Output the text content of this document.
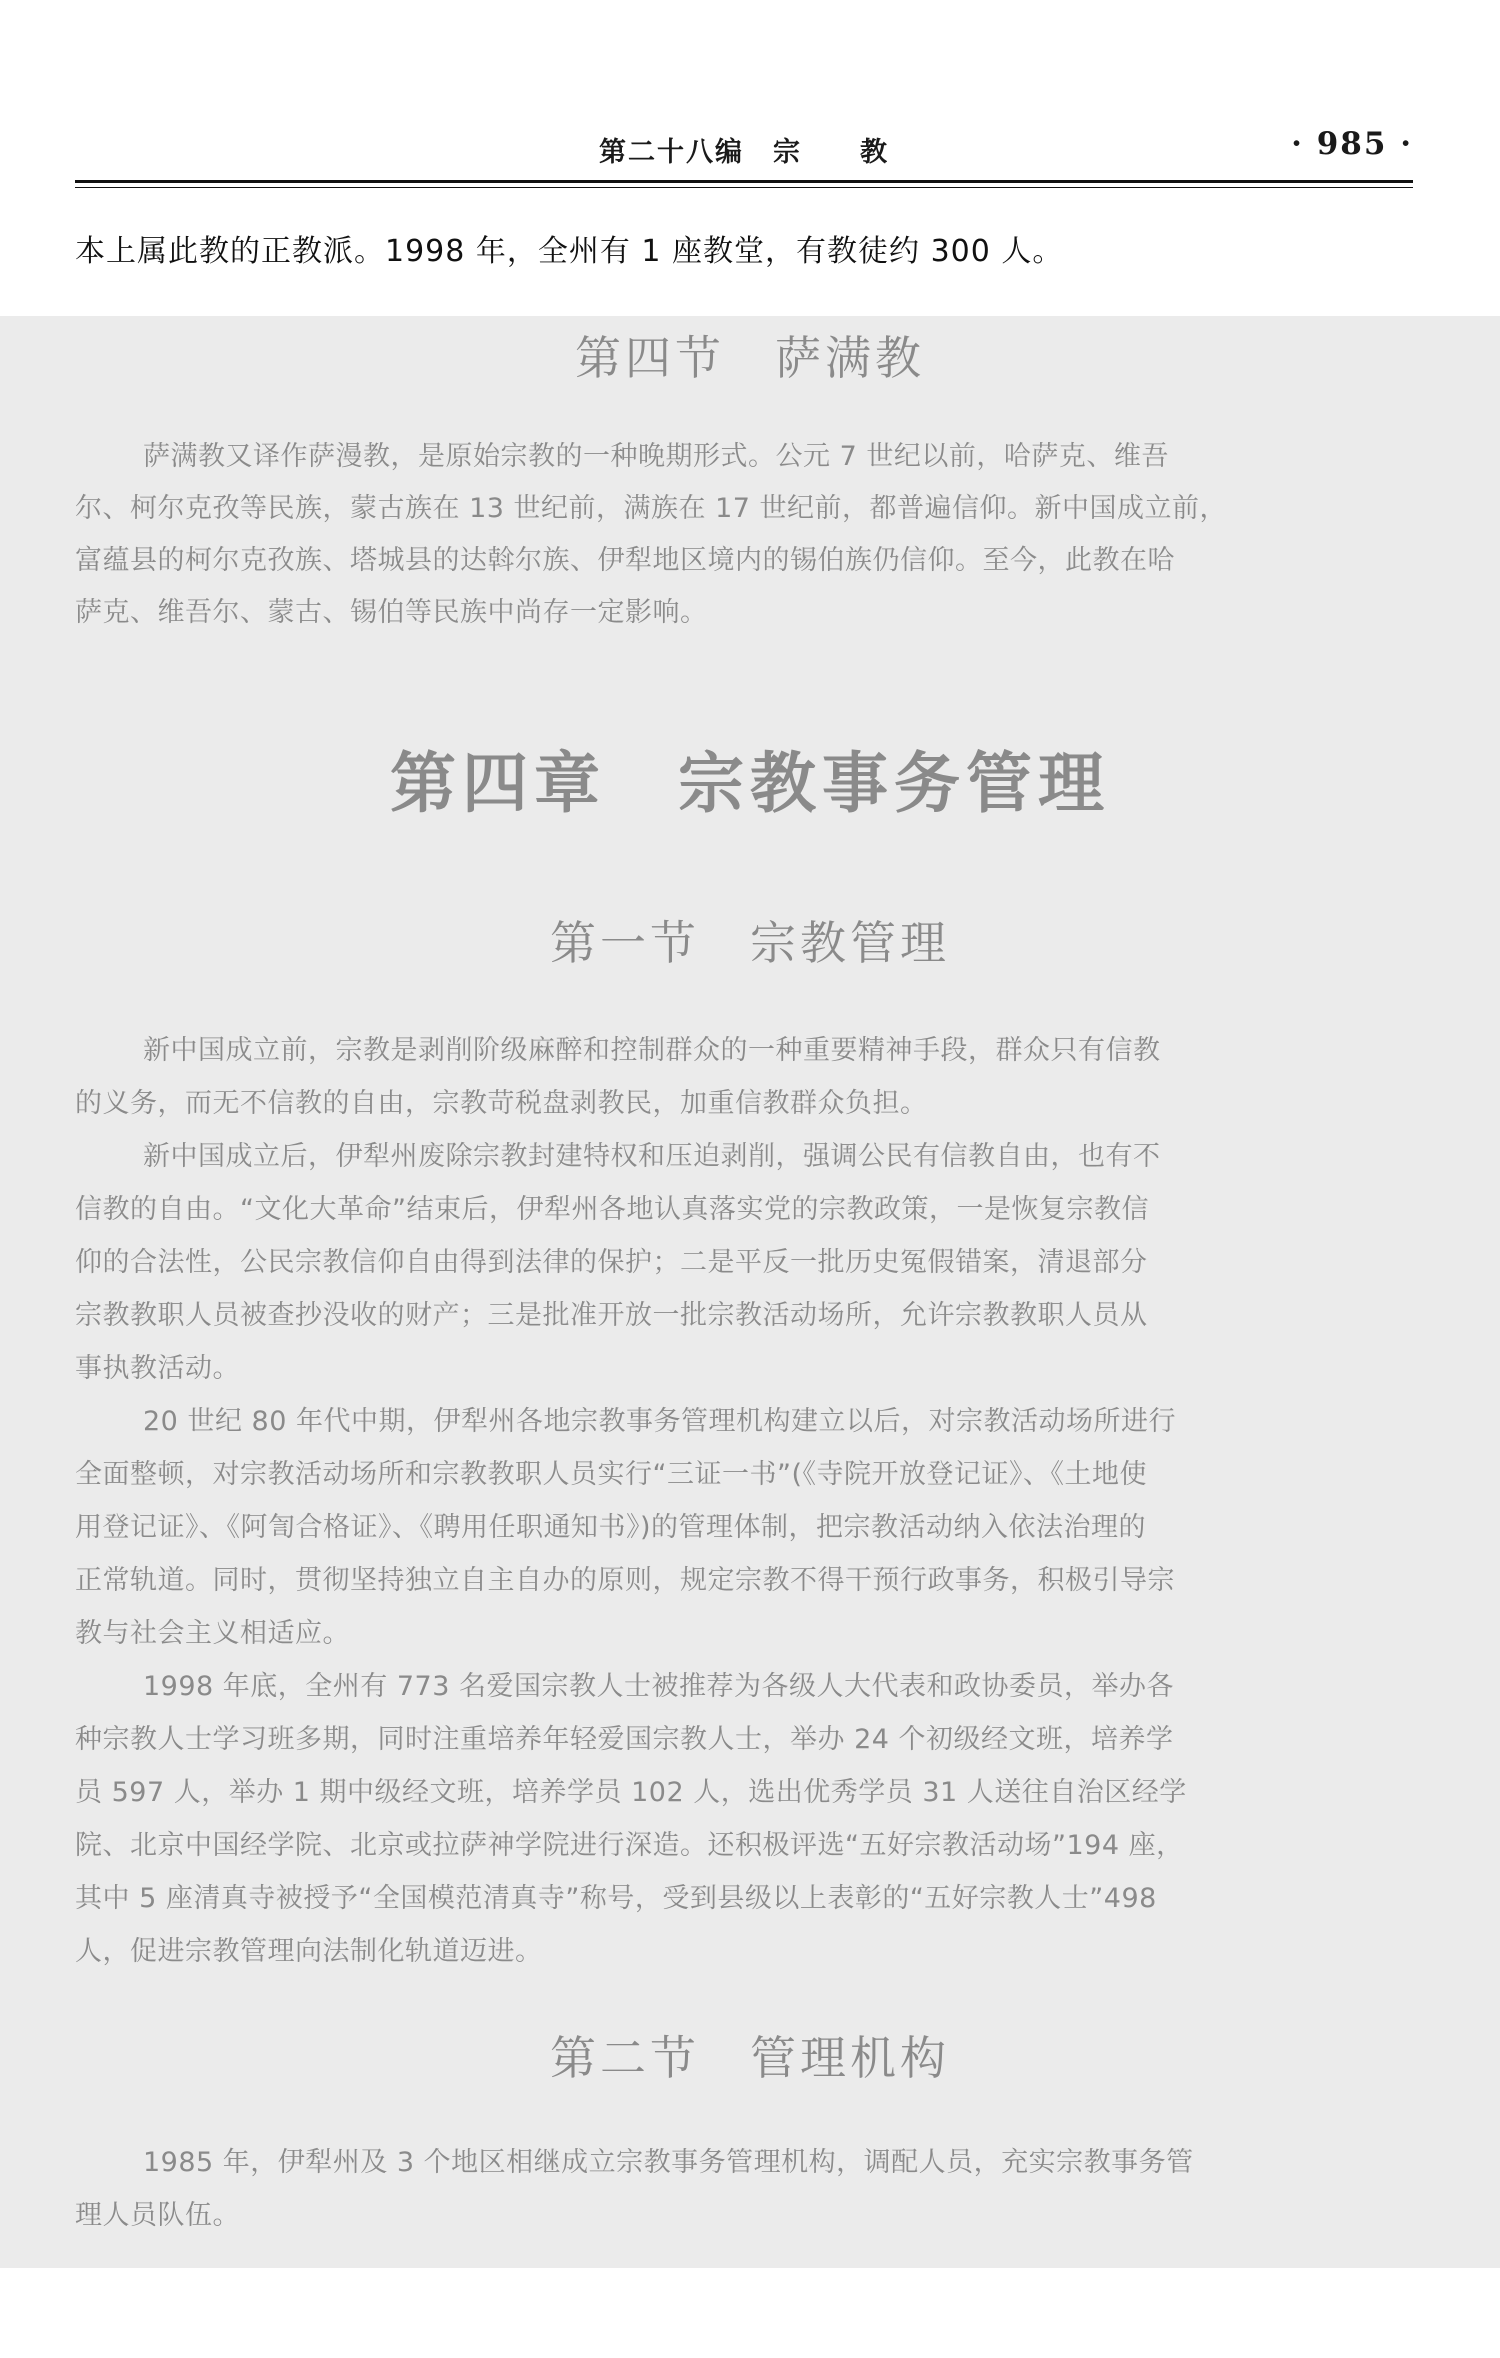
第二十八编　宗　　教	· 985 ·
本上属此教的正教派。1998 年，全州有 1 座教堂，有教徒约 300 人。
第四节　萨满教
萨满教又译作萨漫教，是原始宗教的一种晚期形式。公元 7 世纪以前，哈萨克、维吾
尔、柯尔克孜等民族，蒙古族在 13 世纪前，满族在 17 世纪前，都普遍信仰。新中国成立前，
富蕴县的柯尔克孜族、塔城县的达斡尔族、伊犁地区境内的锡伯族仍信仰。至今，此教在哈
萨克、维吾尔、蒙古、锡伯等民族中尚存一定影响。
第四章　宗教事务管理
第一节　宗教管理
新中国成立前，宗教是剥削阶级麻醉和控制群众的一种重要精神手段，群众只有信教
的义务，而无不信教的自由，宗教苛税盘剥教民，加重信教群众负担。
新中国成立后，伊犁州废除宗教封建特权和压迫剥削，强调公民有信教自由，也有不
信教的自由。“文化大革命”结束后，伊犁州各地认真落实党的宗教政策，一是恢复宗教信
仰的合法性，公民宗教信仰自由得到法律的保护；二是平反一批历史冤假错案，清退部分
宗教教职人员被查抄没收的财产；三是批准开放一批宗教活动场所，允许宗教教职人员从
事执教活动。
20 世纪 80 年代中期，伊犁州各地宗教事务管理机构建立以后，对宗教活动场所进行
全面整顿，对宗教活动场所和宗教教职人员实行“三证一书”(《寺院开放登记证》、《土地使
用登记证》、《阿訇合格证》、《聘用任职通知书》)的管理体制，把宗教活动纳入依法治理的
正常轨道。同时，贯彻坚持独立自主自办的原则，规定宗教不得干预行政事务，积极引导宗
教与社会主义相适应。
1998 年底，全州有 773 名爱国宗教人士被推荐为各级人大代表和政协委员，举办各
种宗教人士学习班多期，同时注重培养年轻爱国宗教人士，举办 24 个初级经文班，培养学
员 597 人，举办 1 期中级经文班，培养学员 102 人，选出优秀学员 31 人送往自治区经学
院、北京中国经学院、北京或拉萨神学院进行深造。还积极评选“五好宗教活动场”194 座，
其中 5 座清真寺被授予“全国模范清真寺”称号，受到县级以上表彰的“五好宗教人士”498
人，促进宗教管理向法制化轨道迈进。
第二节　管理机构
1985 年，伊犁州及 3 个地区相继成立宗教事务管理机构，调配人员，充实宗教事务管
理人员队伍。
